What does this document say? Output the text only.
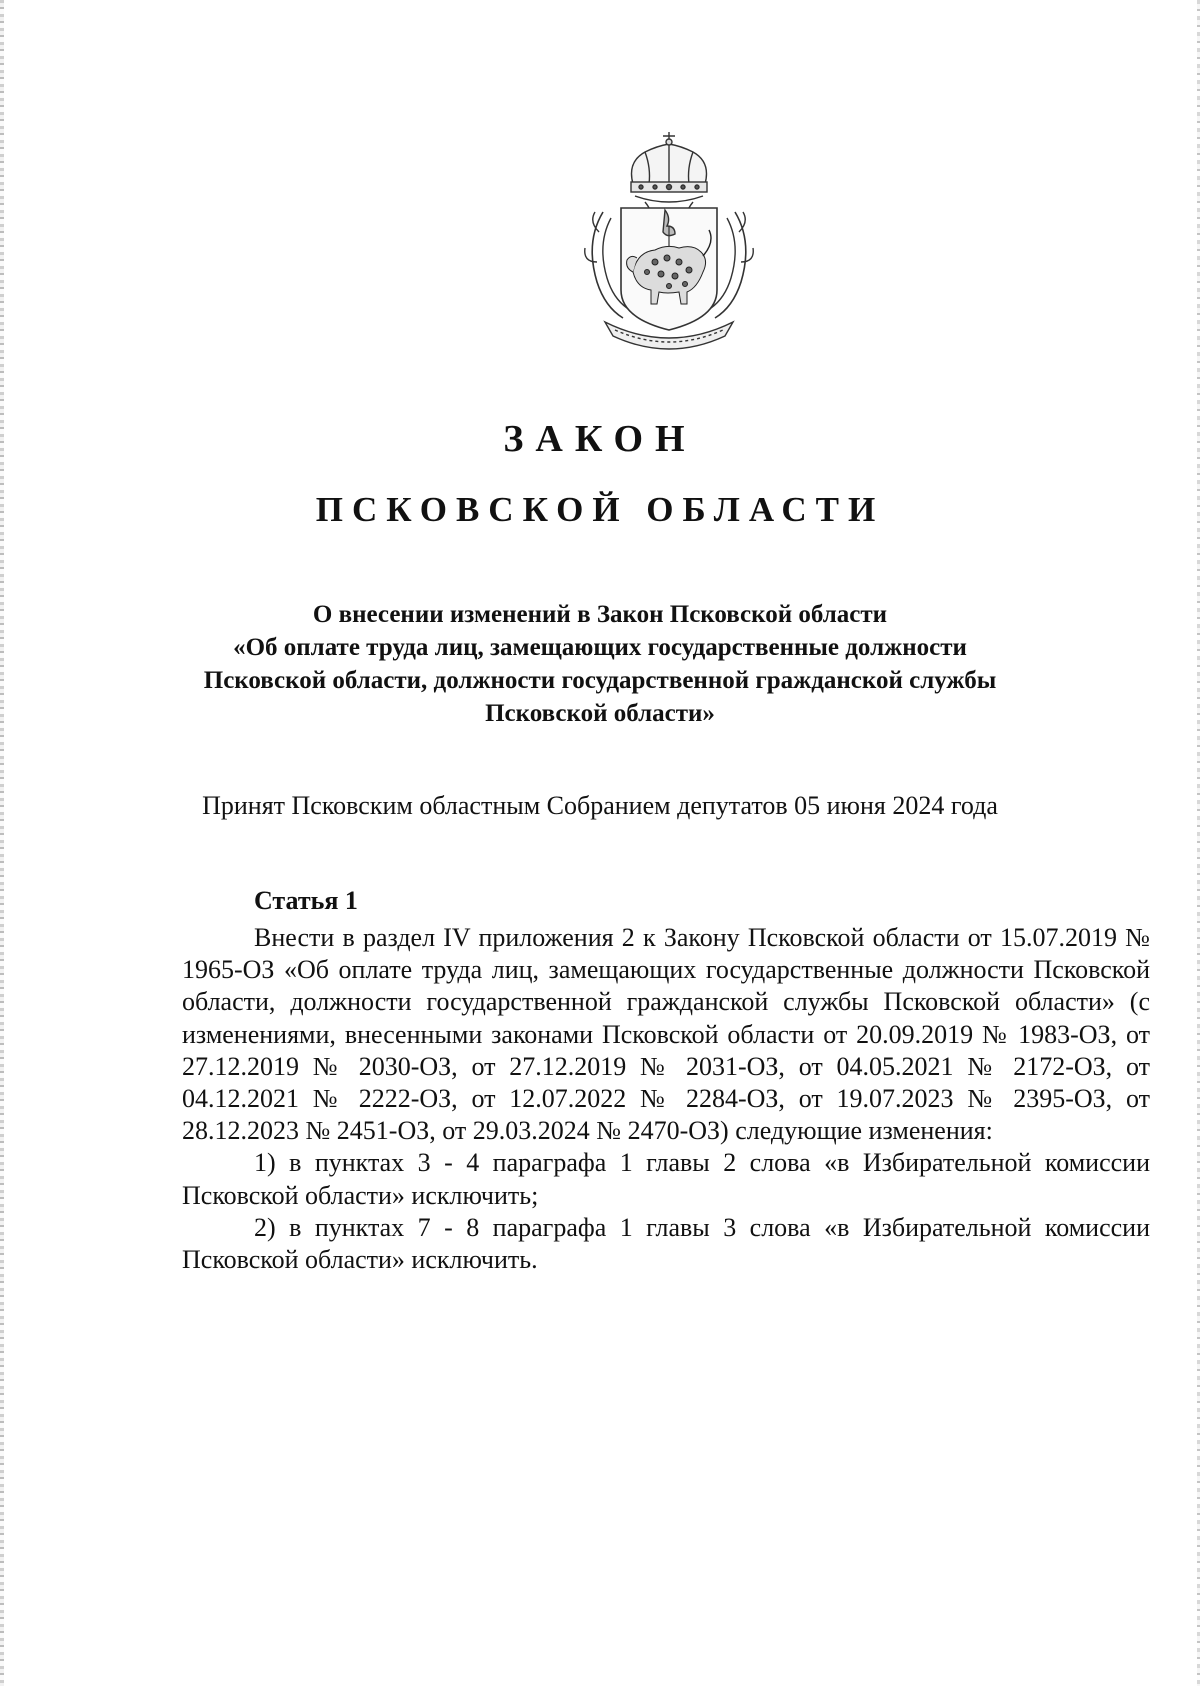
ЗАКОН
ПСКОВСКОЙ ОБЛАСТИ
О внесении изменений в Закон Псковской области
«Об оплате труда лиц, замещающих государственные должности
Псковской области, должности государственной гражданской службы
Псковской области»
Принят Псковским областным Собранием депутатов 05 июня 2024 года
Статья 1

Внести в раздел IV приложения 2 к Закону Псковской области от 15.07.2019 № 1965-ОЗ «Об оплате труда лиц, замещающих государственные должности Псковской области, должности государственной гражданской службы Псковской области» (с изменениями, внесенными законами Псковской области от 20.09.2019 № 1983-ОЗ, от 27.12.2019 № 2030-ОЗ, от 27.12.2019 № 2031-ОЗ, от 04.05.2021 № 2172-ОЗ, от 04.12.2021 № 2222-ОЗ, от 12.07.2022 № 2284-ОЗ, от 19.07.2023 № 2395-ОЗ, от 28.12.2023 № 2451-ОЗ, от 29.03.2024 № 2470-ОЗ) следующие изменения:

1) в пунктах 3 - 4 параграфа 1 главы 2 слова «в Избирательной комиссии Псковской области» исключить;

2) в пунктах 7 - 8 параграфа 1 главы 3 слова «в Избирательной комиссии Псковской области» исключить.
